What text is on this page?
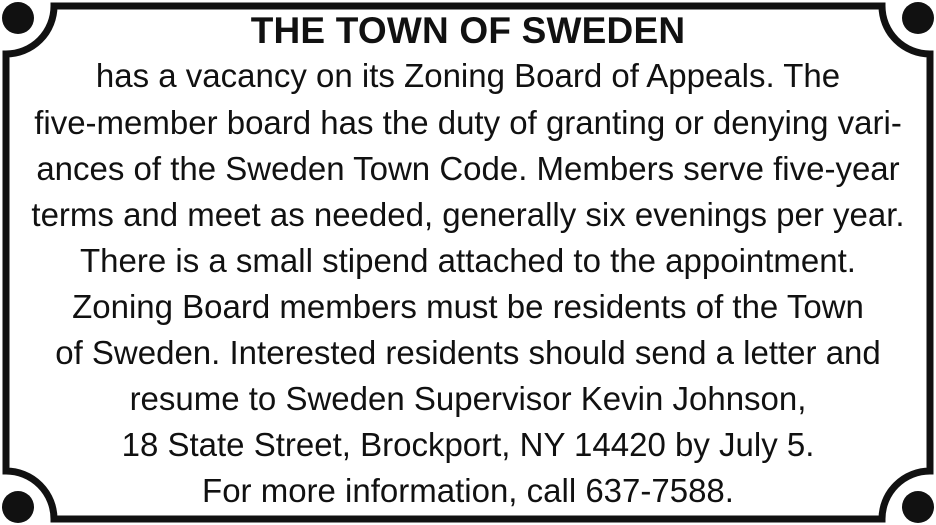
THE TOWN OF SWEDEN
has a vacancy on its Zoning Board of Appeals. The
five-member board has the duty of granting or denying vari-
ances of the Sweden Town Code. Members serve five-year
terms and meet as needed, generally six evenings per year.
There is a small stipend attached to the appointment.
Zoning Board members must be residents of the Town
of Sweden. Interested residents should send a letter and
resume to Sweden Supervisor Kevin Johnson,
18 State Street, Brockport, NY 14420 by July 5.
For more information, call 637-7588.
